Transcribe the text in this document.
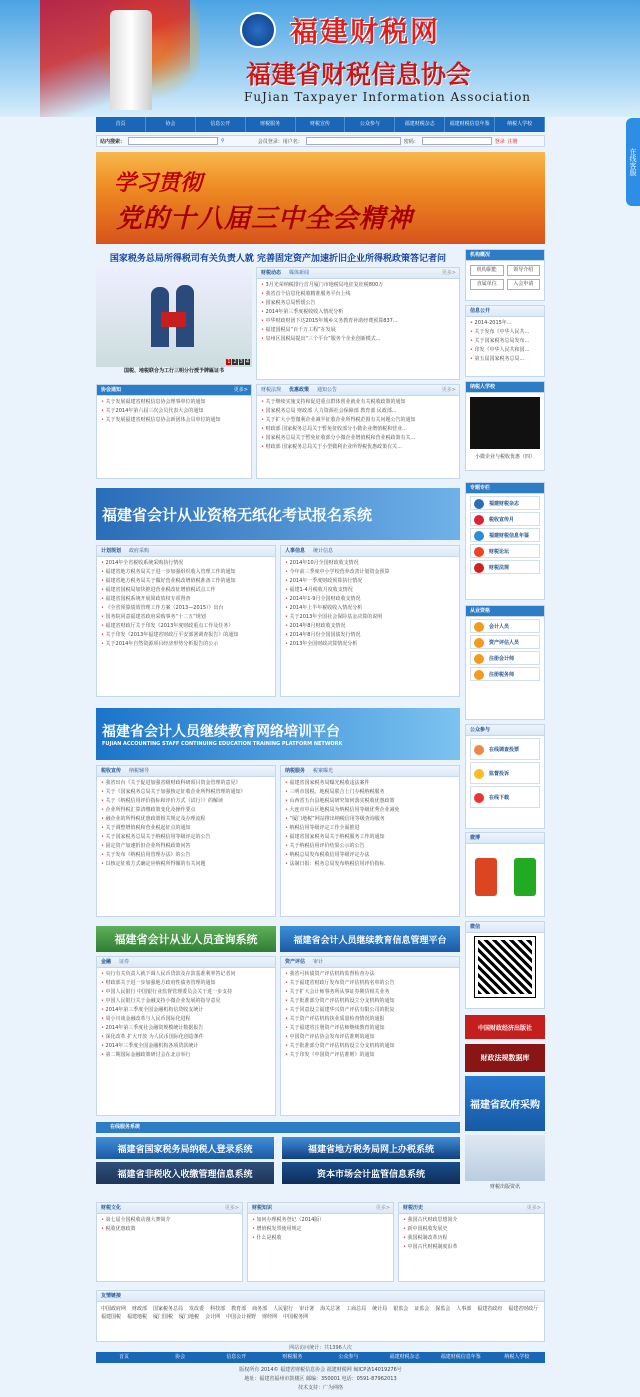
福建财税网
福建省财税信息协会
FuJian Taxpayer Information Association
首页	协会	信息公开	财税服务	财税宣传	公众参与	福建财税杂志	福建财税信息年鉴	纳税人学校
站内搜索：	⚲	会员登录：用户名：	密码：	登录 注册
在线客服
学习贯彻
党的十八届三中全会精神
国家税务总局所得税司有关负责人就 完善固定资产加速折旧企业所得税政策答记者问
1 2 3 4
国税、地税联合为工行三明分行授予牌匾证书
财税动态 媒体新闻	更多>
• 3月光荣纳税排行首月厦门市地税局电征复征税800万
• 我省首个信息化税收精准服务平台上线
• 国家税务总局暂缓公告
• 2014年第三季度税收收入情况分析
• 中华财政财团下达2015年城乡义务教育补助经费预算837...
• 福建国税局“百千万工程”在发展
• 泉州区国税局提出“三个平台”服务个企业创新模式...
协会通知	更多>
• 关于发展福建省财税信息协会理事单位的通知
• 关于2014年第六届三次会员代表大会的通知
• 关于发展福建省财税信息协会新团体会员单位的通知
财税法规 优惠政策 通知公告	更多>
• 关于继续实施支持和促进重点群体创业就业有关税收政策的通知
• 国家税务总局 财政部 人力资源社会保障部 教育部 民政部...
• 关于扩大小型微利企业减半征收企业所得税范围有关问题公告的通知
• 财政部 国家税务总局关于暂免征收部分小微企业增值税和营业...
• 国家税务总局关于暂免征收部分小微企业增值税和营业税政策有关...
• 财政部 国家税务总局关于小型微利企业所得税优惠政策有关...
机构概况
机构职能	领导介绍
直属单位	入会申请
信息公开
• 2014-2015年...
• 关于发布《中华人民共...
• 关于国家税务总局发布...
• 印发《中华人民共和国...
• 第五届国家税务总局...
纳税人学校
小微企业与税收优惠（四）
福建省会计从业资格无纸化考试报名系统
计划规划 政府采购
• 2014年全省税收系统采购执行情况
• 福建省地方税务局关于进一步加强组织收入管理工作的通知
• 福建省地方税务局关于做好营业税改增值税准备工作的通知
• 福建省国税局加快推进营业税改征增值税试点工作
• 福建省国税系统开展简政放权专项督查
• 《全省预算绩效管理工作方案（2013—2015）》出台
• 国务院同意福建省政府采购事务“十二五”规划
• 福建省财政厅关于印发《2013年度财政重点工作及任务》
• 关于印发《2013年福建省财政厅平安部署调查报告》的通知
• 关于2014年自然资源项目经济形势分析报告的公示
人事信息 统计信息
• 2014年10月全国财政收支情况
• 今年前三季度中小学校营养改善计划资金预算
• 2014年一季度财政预算执行情况
• 福建1-4月税收月度收支情况
• 2014年1-9月全国财政收支情况
• 2014年上半年税收收入情况分析
• 关于2013年全国社会保险基金决算的说明
• 2014年8月财政收支情况
• 2014年8月份全国国债发行情况
• 2013年全国财政决算情况分析
福建省会计人员继续教育网络培训平台
FUJIAN ACCOUNTING STAFF CONTINUING EDUCATION TRAINING PLATFORM NETWORK
税收宣传 纳税辅导
• 我省出台《关于促进加强省级财政科研项目资金管理的意见》
• 关于《国家税务总局关于加强核定征收企业所得税管理的通知》
• 关于《纳税信用评价指标和评价方式（试行）》的解读
• 企业所得税汇算清缴政策变化及操作要点
• 融企业的所得税优惠政策相关规定及办理流程
• 关于调整增值税和营业税起征点的通知
• 关于国家税务总局关于纳税信用等级评定的公告
• 固定资产加速折旧企业所得税政策问答
• 关于发布《纳税信用管理办法》的公告
• 以核定征收方式确定应纳税所得额的有关问题
纳税服务 税案曝光
• 福建省国家税务局曝光税收违法案件
• 三明市国税、地税局联合上门办税纳税服务
• 山西省五台县地税局研究如何落实税收优惠政策
• 大连市中山区地税局为纳税信用等级优秀企业减免
• “厦门地税”网站推出纳税信用等级查询服务
• 纳税信用等级评定工作全面推进
• 福建省国家税务局关于纳税服务工作的通知
• 关于纳税信用评价结果公示的公告
• 纳税总局发布税收信用等级评定办法
• 法制日报：税务总局发布纳税信用评价指标
福建省会计从业人员查询系统	福建省会计人员继续教育信息管理平台
金融 证券
• 央行有关负责人就下调人民币贷款及存款基准利率答记者问
• 财政部关于进一步加强地方政府性债务管理的通知
• 中国人民银行 中国银行业监督管理委员会关于进一步支持
• 中国人民银行关于金融支持小微企业发展的指导意见
• 2014年第三季度全国金融机构信贷收支统计
• 周小川谈金融改革与人民币国际化进程
• 2014年第三季度社会融资规模统计数据报告
• 深化改革 扩大开放 为人民币国际化创造条件
• 2014年三季度全国金融机构各项贷款统计
• 第二期国际金融政策研讨会在北京举行
资产评估 审计
• 我省可转债资产评估机构监督检查办法
• 关于福建省财政厅发布资产评估机构名单的公告
• 关于扩大会计师事务所从事证券期货相关业务
• 关于批准部分资产评估机构设立分支机构的通知
• 关于同意设立福建华兴资产评估有限公司的批复
• 关于资产评估机构执业质量检查情况的通报
• 关于福建省注册资产评估师继续教育的通知
• 中国资产评估协会发布评估准则的通知
• 关于批准部分资产评估机构设立分支机构的通知
• 关于印发《中国资产评估准则》的通知
在线服务系统
福建省国家税务局纳税人登录系统	福建省地方税务局网上办税系统
福建省非税收入收缴管理信息系统	资本市场会计监管信息系统
财税文化	更多>
• 第七届全国税收动漫大赛简介
• 税收优惠政策
财税知识	更多>
• 如何办理税务登记（2014版）
• 增值税发票使用规定
• 什么是税收
财税历史	更多>
• 我国古代财政思想简介
• 新中国税收发展史
• 我国税制改革历程
• 中国古代财税制度沿革
友情链接
中国政府网 财政部 国家税务总局 发改委 科技部 教育部 商务部 人民银行 审计署 海关总署 工商总局 统计局 银监会 证监会 保监会 人事部 福建省政府 福建省财政厅
福建国税 福建地税 厦门国税 厦门地税 会计网 中国会计视野 财经网 中国税务网
专题专栏
福建财税杂志
税收宣传月
福建财税信息年鉴
财税论坛
财税法规
从业资格
会计人员
资产评估人员
注册会计师
注册税务师
公众参与
在线调查投票
监督投诉
在线下载
微博
微信
中国财政经济出版社
财政法规数据库
福建省政府采购
财税出版资讯
网站访问统计：共1396人次
首页	协会	信息公开	财税服务	公众参与	福建财税杂志	福建财税信息年鉴	纳税人学校
版权所有 2014© 福建省财税信息协会 福建财税网 闽ICP备14019276号
地址：福建省福州市鼓楼区 邮编：350001 电话：0591-87962013
技术支持：广为网络
